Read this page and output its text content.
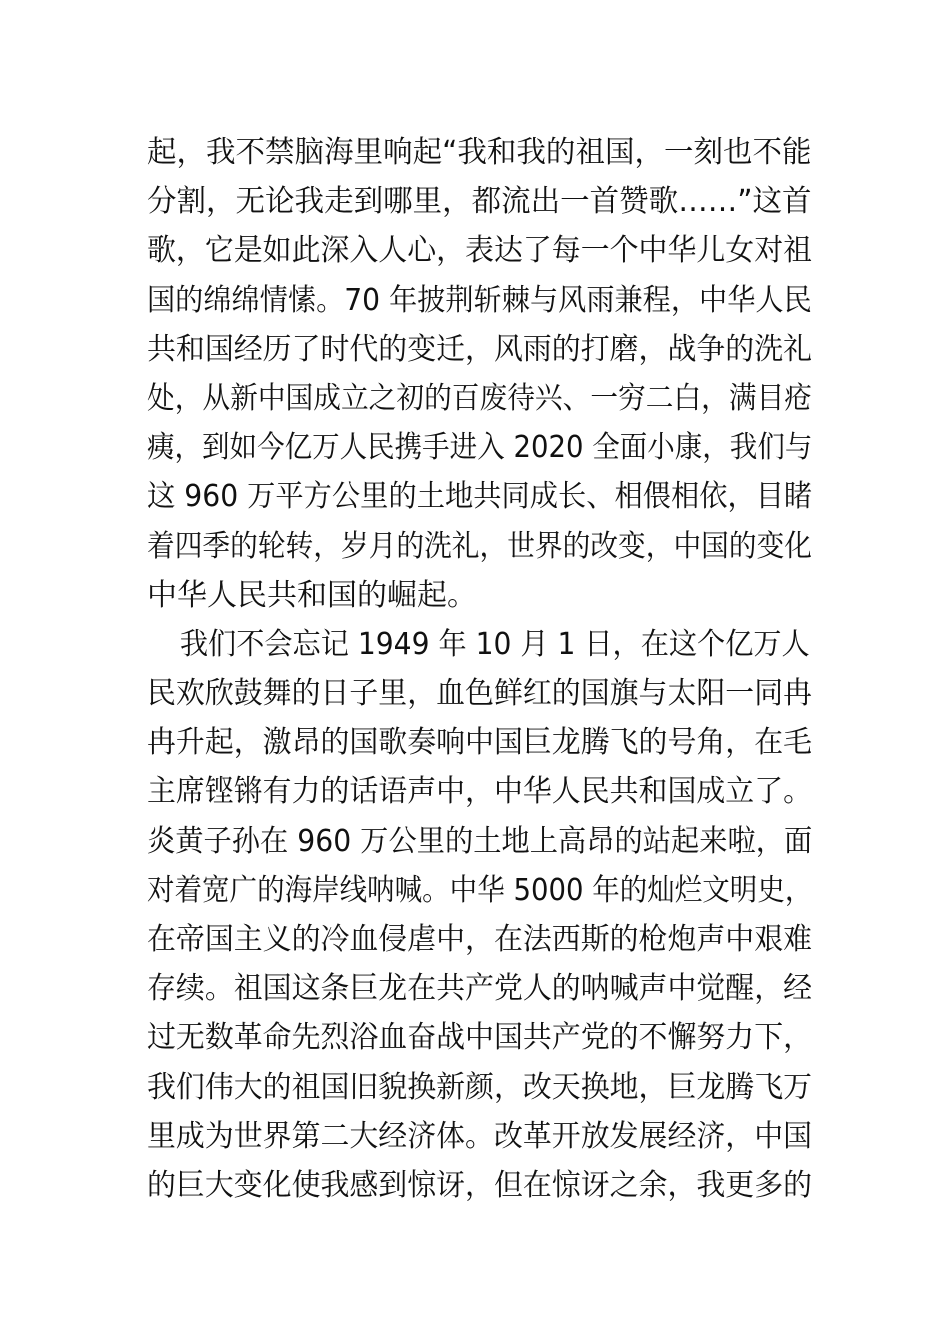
起，我不禁脑海里响起“我和我的祖国，一刻也不能
分割，无论我走到哪里，都流出一首赞歌……”这首
歌，它是如此深入人心，表达了每一个中华儿女对祖
国的绵绵情愫。70 年披荆斩棘与风雨兼程，中华人民
共和国经历了时代的变迁，风雨的打磨，战争的洗礼
处，从新中国成立之初的百废待兴、一穷二白，满目疮
痍，到如今亿万人民携手进入 2020 全面小康，我们与
这 960 万平方公里的土地共同成长、相偎相依，目睹
着四季的轮转，岁月的洗礼，世界的改变，中国的变化
中华人民共和国的崛起。
我们不会忘记 1949 年 10 月 1 日，在这个亿万人
民欢欣鼓舞的日子里，血色鲜红的国旗与太阳一同冉
冉升起，激昂的国歌奏响中国巨龙腾飞的号角，在毛
主席铿锵有力的话语声中，中华人民共和国成立了。
炎黄子孙在 960 万公里的土地上高昂的站起来啦，面
对着宽广的海岸线呐喊。中华 5000 年的灿烂文明史，
在帝国主义的冷血侵虐中，在法西斯的枪炮声中艰难
存续。祖国这条巨龙在共产党人的呐喊声中觉醒，经
过无数革命先烈浴血奋战中国共产党的不懈努力下，
我们伟大的祖国旧貌换新颜，改天换地，巨龙腾飞万
里成为世界第二大经济体。改革开放发展经济，中国
的巨大变化使我感到惊讶，但在惊讶之余，我更多的
